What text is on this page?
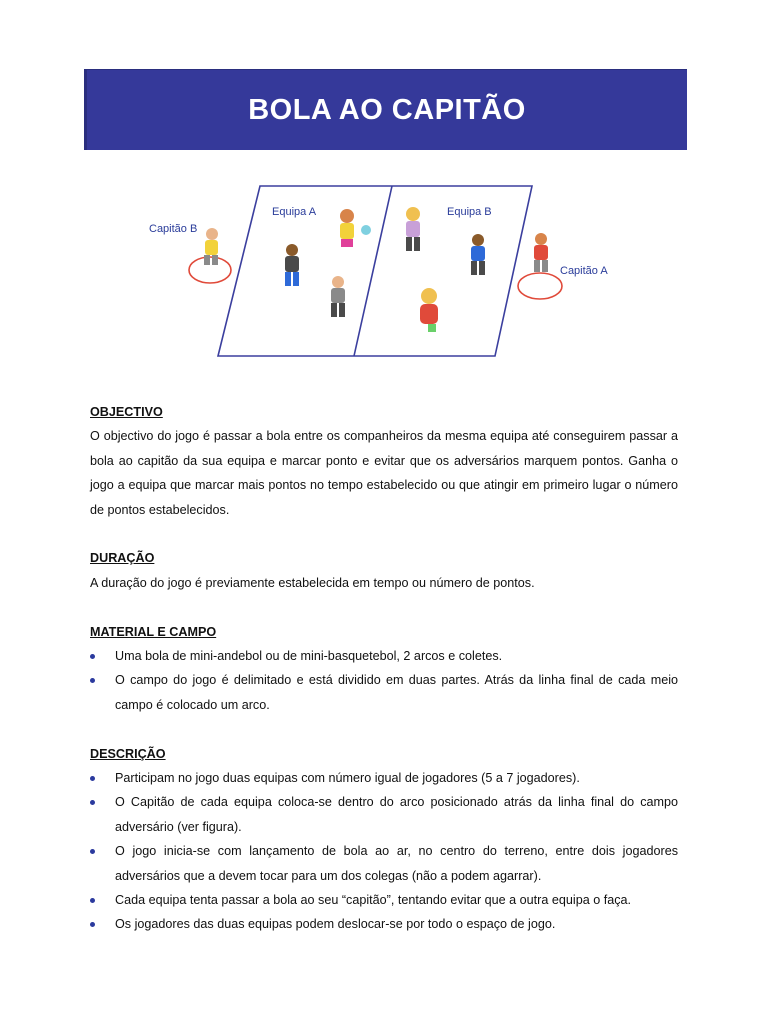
BOLA AO CAPITÃO
Capitão B
Equipa A	Equipa B
Capitão A
OBJECTIVO

O objectivo do jogo é passar a bola entre os companheiros da mesma equipa até conseguirem passar a bola ao capitão da sua equipa e marcar ponto e evitar que os adversários marquem pontos. Ganha o jogo a equipa que marcar mais pontos no tempo estabelecido ou que atingir em primeiro lugar o número de pontos estabelecidos.

DURAÇÃO

A duração do jogo é previamente estabelecida em tempo ou número de pontos.

MATERIAL E CAMPO
Uma bola de mini-andebol ou de mini-basquetebol, 2 arcos e coletes.
O campo do jogo é delimitado e está dividido em duas partes. Atrás da linha final de cada meio campo é colocado um arco.
DESCRIÇÃO
Participam no jogo duas equipas com número igual de jogadores (5 a 7 jogadores).
O Capitão de cada equipa coloca-se dentro do arco posicionado atrás da linha final do campo adversário (ver figura).
O jogo inicia-se com lançamento de bola ao ar, no centro do terreno, entre dois jogadores adversários que a devem tocar para um dos colegas (não a podem agarrar).
Cada equipa tenta passar a bola ao seu “capitão”, tentando evitar que a outra equipa o faça.
Os jogadores das duas equipas podem deslocar-se por todo o espaço de jogo.
